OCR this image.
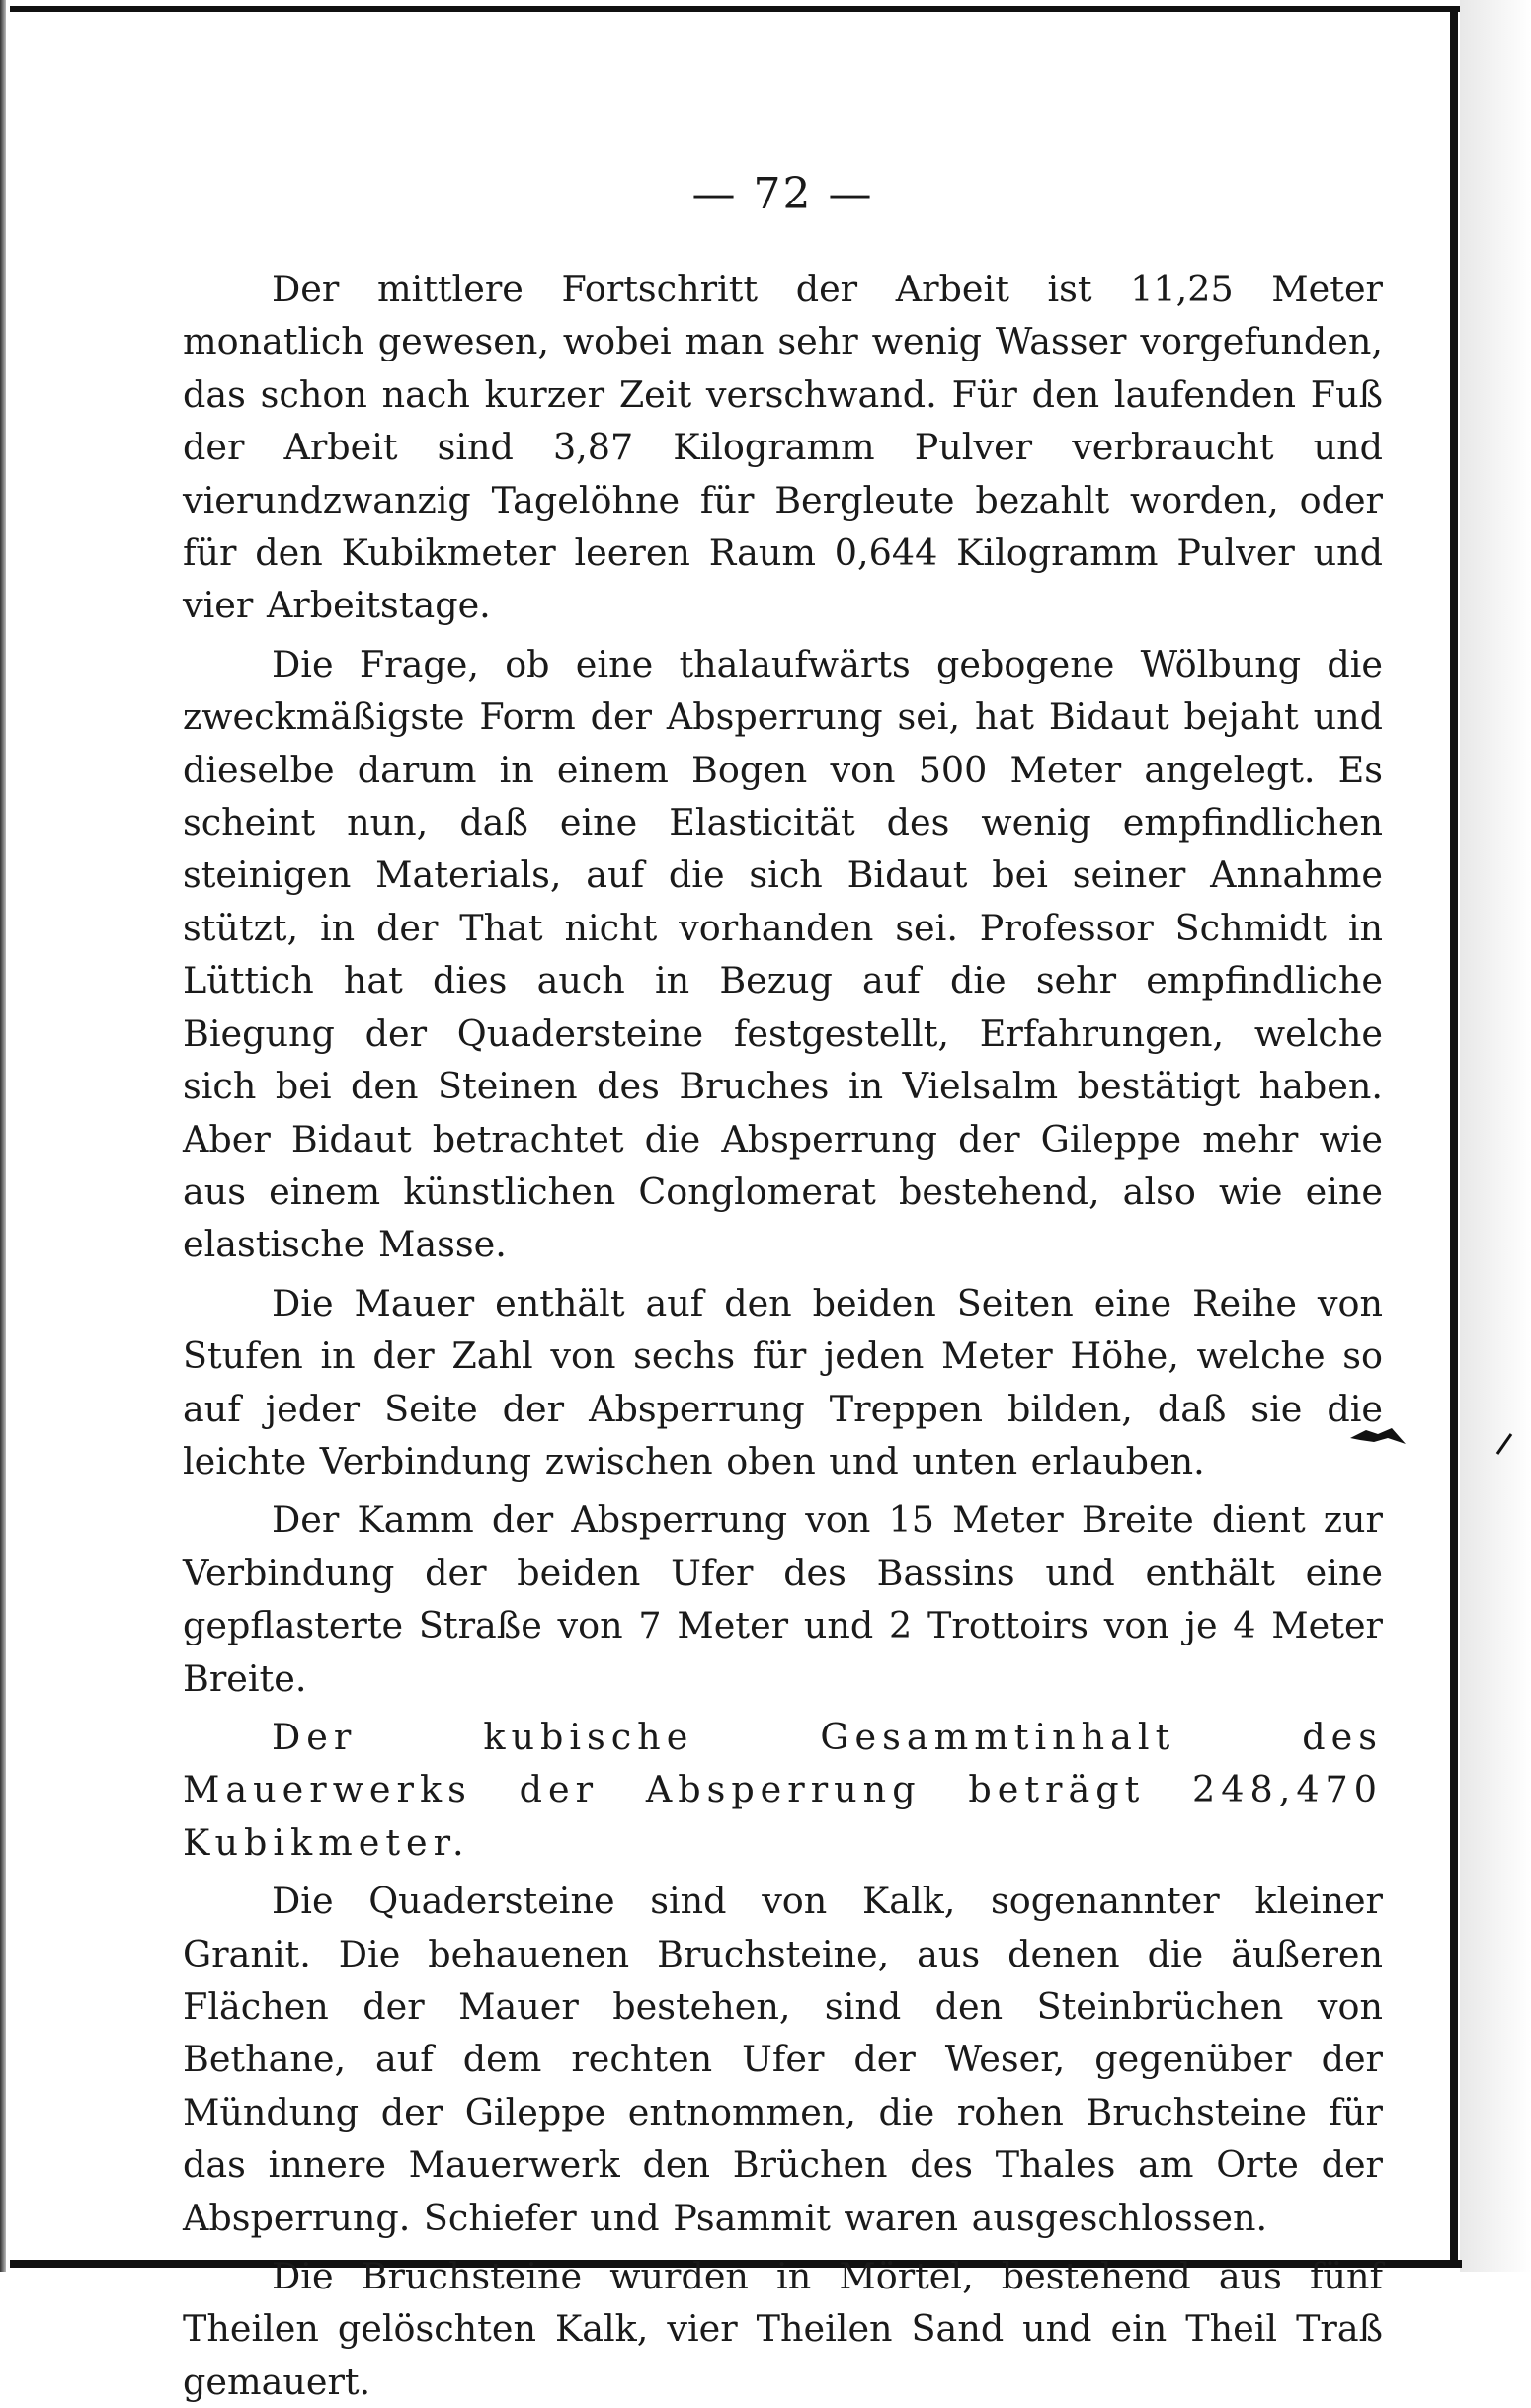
— 72 —

Der mittlere Fortschritt der Arbeit ist 11,25 Meter monatlich gewesen, wobei man sehr wenig Wasser vorgefunden, das schon nach kurzer Zeit verschwand. Für den laufenden Fuß der Arbeit sind 3,87 Kilogramm Pulver verbraucht und vierundzwanzig Tagelöhne für Bergleute bezahlt worden, oder für den Kubikmeter leeren Raum 0,644 Kilogramm Pulver und vier Arbeitstage.

Die Frage, ob eine thalaufwärts gebogene Wölbung die zweckmäßigste Form der Absperrung sei, hat Bidaut bejaht und dieselbe darum in einem Bogen von 500 Meter angelegt. Es scheint nun, daß eine Elasticität des wenig empfindlichen steinigen Materials, auf die sich Bidaut bei seiner Annahme stützt, in der That nicht vorhanden sei. Professor Schmidt in Lüttich hat dies auch in Bezug auf die sehr empfindliche Biegung der Quadersteine festgestellt, Erfahrungen, welche sich bei den Steinen des Bruches in Vielsalm bestätigt haben. Aber Bidaut betrachtet die Absperrung der Gileppe mehr wie aus einem künstlichen Conglomerat bestehend, also wie eine elastische Masse.

Die Mauer enthält auf den beiden Seiten eine Reihe von Stufen in der Zahl von sechs für jeden Meter Höhe, welche so auf jeder Seite der Absperrung Treppen bilden, daß sie die leichte Verbindung zwischen oben und unten erlauben.

Der Kamm der Absperrung von 15 Meter Breite dient zur Verbindung der beiden Ufer des Bassins und enthält eine gepflasterte Straße von 7 Meter und 2 Trottoirs von je 4 Meter Breite.

Der kubische Gesammtinhalt des Mauerwerks der Absperrung beträgt 248,470 Kubikmeter.

Die Quadersteine sind von Kalk, sogenannter kleiner Granit. Die behauenen Bruchsteine, aus denen die äußeren Flächen der Mauer bestehen, sind den Steinbrüchen von Bethane, auf dem rechten Ufer der Weser, gegenüber der Mündung der Gileppe entnommen, die rohen Bruchsteine für das innere Mauerwerk den Brüchen des Thales am Orte der Absperrung. Schiefer und Psammit waren ausgeschlossen.

Die Bruchsteine wurden in Mörtel, bestehend aus fünf Theilen gelöschten Kalk, vier Theilen Sand und ein Theil Traß gemauert.
